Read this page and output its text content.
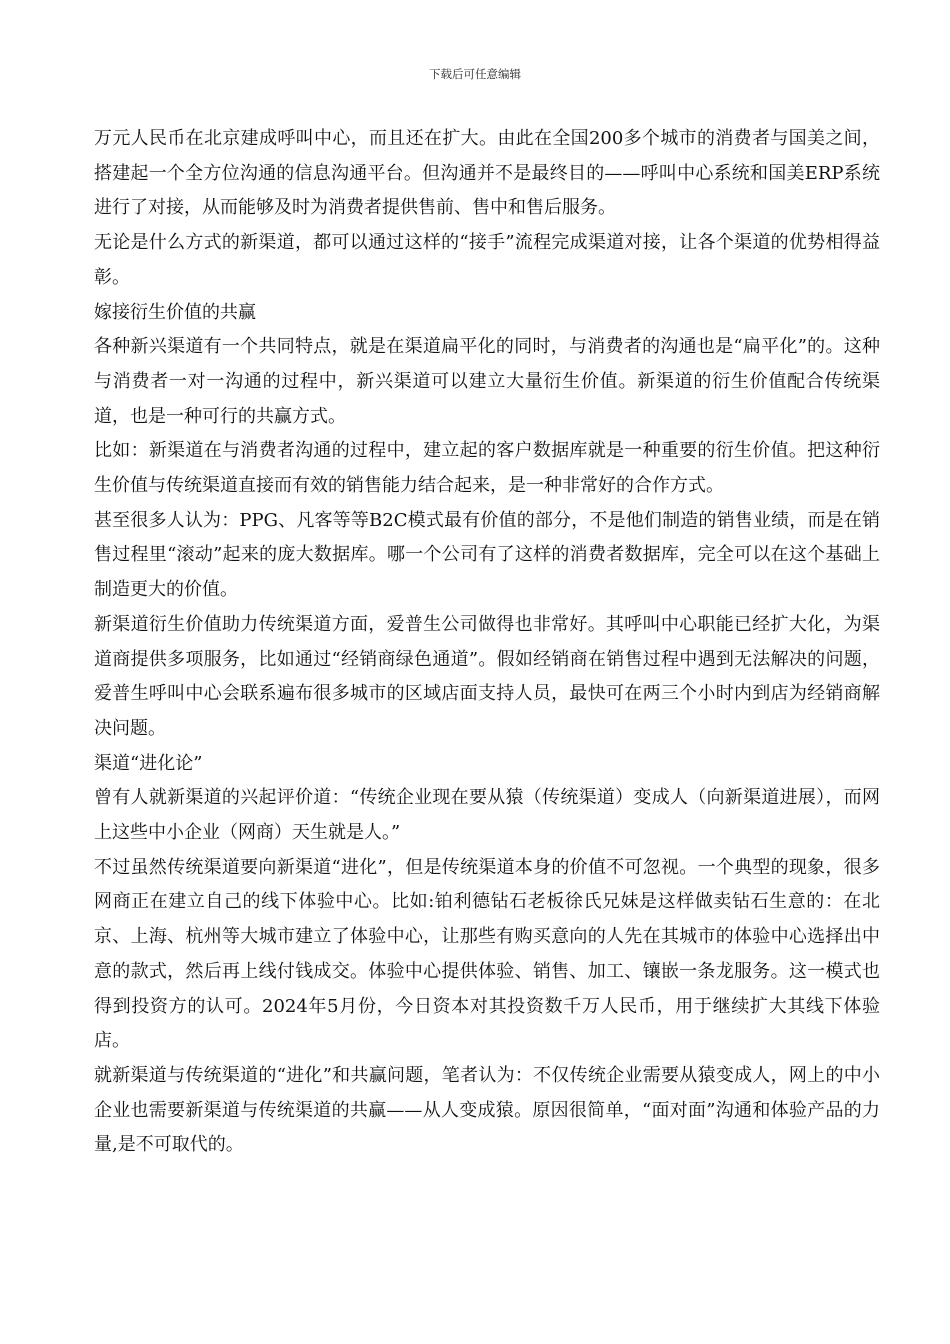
下载后可任意编辑

万元人民币在北京建成呼叫中心，而且还在扩大。由此在全国200多个城市的消费者与国美之间，搭建起一个全方位沟通的信息沟通平台。但沟通并不是最终目的——呼叫中心系统和国美ERP系统进行了对接，从而能够及时为消费者提供售前、售中和售后服务。

无论是什么方式的新渠道，都可以通过这样的“接手”流程完成渠道对接，让各个渠道的优势相得益彰。

嫁接衍生价值的共赢

各种新兴渠道有一个共同特点，就是在渠道扁平化的同时，与消费者的沟通也是“扁平化”的。这种与消费者一对一沟通的过程中，新兴渠道可以建立大量衍生价值。新渠道的衍生价值配合传统渠道，也是一种可行的共赢方式。

比如：新渠道在与消费者沟通的过程中，建立起的客户数据库就是一种重要的衍生价值。把这种衍生价值与传统渠道直接而有效的销售能力结合起来，是一种非常好的合作方式。

甚至很多人认为：PPG、凡客等等B2C模式最有价值的部分，不是他们制造的销售业绩，而是在销售过程里“滚动”起来的庞大数据库。哪一个公司有了这样的消费者数据库，完全可以在这个基础上制造更大的价值。

新渠道衍生价值助力传统渠道方面，爱普生公司做得也非常好。其呼叫中心职能已经扩大化，为渠道商提供多项服务，比如通过“经销商绿色通道”。假如经销商在销售过程中遇到无法解决的问题，爱普生呼叫中心会联系遍布很多城市的区域店面支持人员，最快可在两三个小时内到店为经销商解决问题。

渠道“进化论”

曾有人就新渠道的兴起评价道：“传统企业现在要从猿（传统渠道）变成人（向新渠道进展），而网上这些中小企业（网商）天生就是人。”

不过虽然传统渠道要向新渠道“进化”，但是传统渠道本身的价值不可忽视。一个典型的现象，很多网商正在建立自己的线下体验中心。比如:铂利德钻石老板徐氏兄妹是这样做卖钻石生意的：在北京、上海、杭州等大城市建立了体验中心，让那些有购买意向的人先在其城市的体验中心选择出中意的款式，然后再上线付钱成交。体验中心提供体验、销售、加工、镶嵌一条龙服务。这一模式也得到投资方的认可。2024年5月份，今日资本对其投资数千万人民币，用于继续扩大其线下体验店。

就新渠道与传统渠道的“进化”和共赢问题，笔者认为：不仅传统企业需要从猿变成人，网上的中小企业也需要新渠道与传统渠道的共赢——从人变成猿。原因很简单，“面对面”沟通和体验产品的力量,是不可取代的。
